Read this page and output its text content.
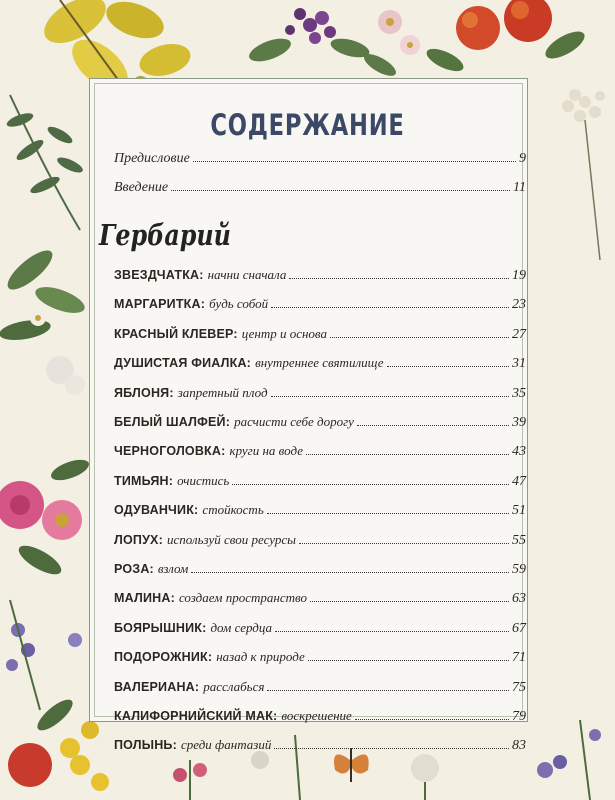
СОДЕРЖАНИЕ
Предисловие	9
Введение	11
Гербарий
ЗВЕЗДЧАТКА: начни сначала	19
МАРГАРИТКА: будь собой	23
КРАСНЫЙ КЛЕВЕР: центр и основа	27
ДУШИСТАЯ ФИАЛКА: внутреннее святилище	31
ЯБЛОНЯ: запретный плод	35
БЕЛЫЙ ШАЛФЕЙ: расчисти себе дорогу	39
ЧЕРНОГОЛОВКА: круги на воде	43
ТИМЬЯН: очистись	47
ОДУВАНЧИК: стойкость	51
ЛОПУХ: используй свои ресурсы	55
РОЗА: взлом	59
МАЛИНА: создаем пространство	63
БОЯРЫШНИК: дом сердца	67
ПОДОРОЖНИК: назад к природе	71
ВАЛЕРИАНА: расслабься	75
КАЛИФОРНИЙСКИЙ МАК: воскрешение	79
ПОЛЫНЬ: среди фантазий	83
